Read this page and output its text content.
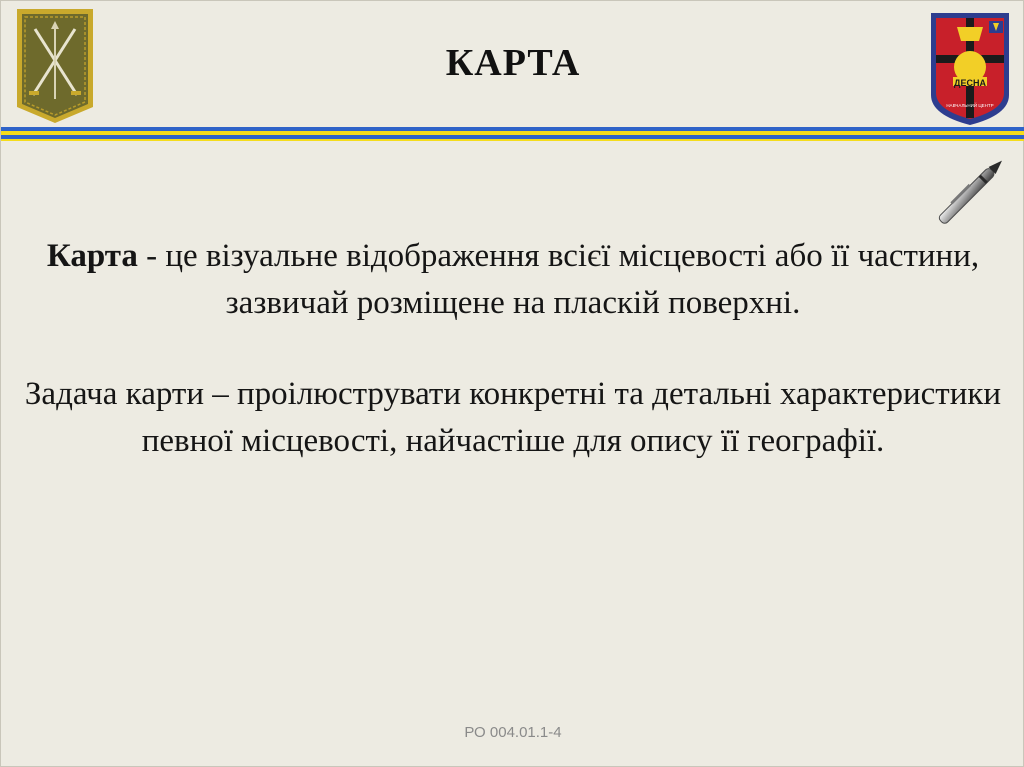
ДЕСНА
НАВЧАЛЬНИЙ ЦЕНТР
КАРТА

Карта - це візуальне відображення всієї місцевості або її частини, зазвичай розміщене на пласкій поверхні.

Задача карти – проілюструвати конкретні та детальні характеристики певної місцевості, найчастіше для опису її географії.

РО 004.01.1-4
